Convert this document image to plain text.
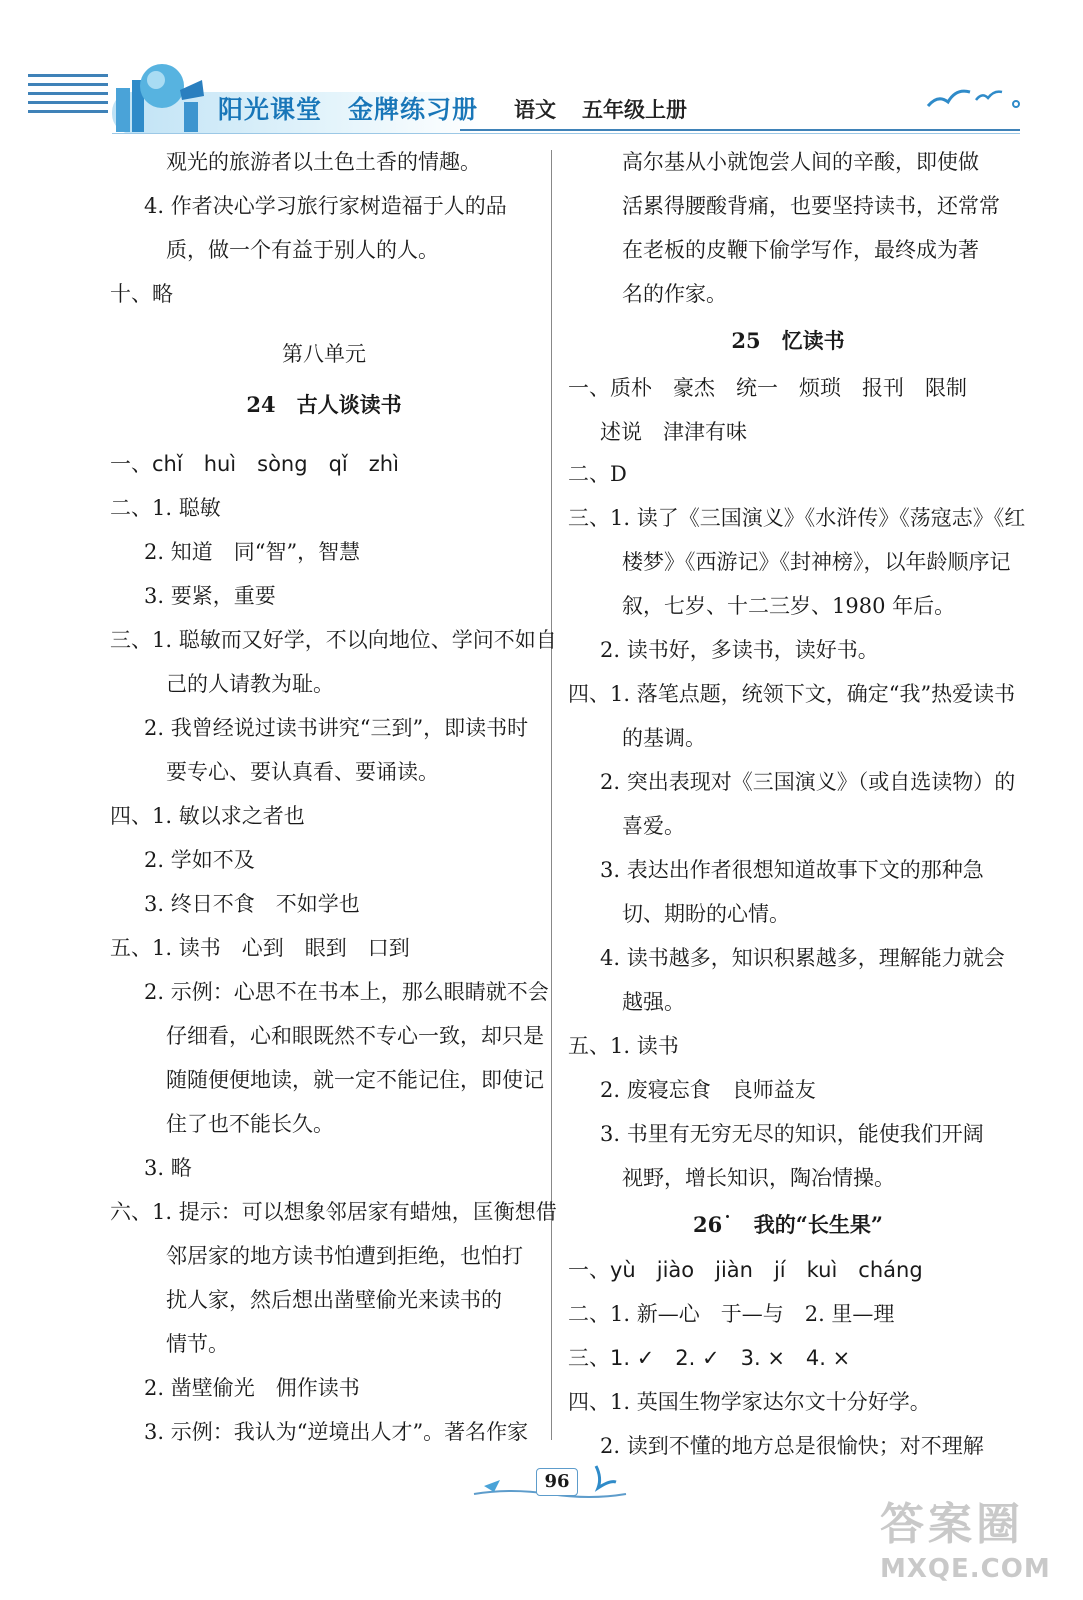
阳光课堂 金牌练习册 语文 五年级上册
观光的旅游者以土色土香的情趣。
4. 作者决心学习旅行家树造福于人的品
质，做一个有益于别人的人。
十、略
第八单元
24　古人谈读书
一、chǐ　huì　sòng　qǐ　zhì
二、1. 聪敏
2. 知道　同“智”，智慧
3. 要紧，重要
三、1. 聪敏而又好学，不以向地位、学问不如自
己的人请教为耻。
2. 我曾经说过读书讲究“三到”，即读书时
要专心、要认真看、要诵读。
四、1. 敏以求之者也
2. 学如不及
3. 终日不食　不如学也
五、1. 读书　心到　眼到　口到
2. 示例：心思不在书本上，那么眼睛就不会
仔细看，心和眼既然不专心一致，却只是
随随便便地读，就一定不能记住，即使记
住了也不能长久。
3. 略
六、1. 提示：可以想象邻居家有蜡烛，匡衡想借
邻居家的地方读书怕遭到拒绝，也怕打
扰人家，然后想出凿壁偷光来读书的
情节。
2. 凿壁偷光　佣作读书
3. 示例：我认为“逆境出人才”。著名作家
高尔基从小就饱尝人间的辛酸，即使做
活累得腰酸背痛，也要坚持读书，还常常
在老板的皮鞭下偷学写作，最终成为著
名的作家。
25　忆读书
一、质朴　豪杰　统一　烦琐　报刊　限制
述说　津津有味
二、D
三、1. 读了《三国演义》《水浒传》《荡寇志》《红
楼梦》《西游记》《封神榜》，以年龄顺序记
叙，七岁、十二三岁、1980 年后。
2. 读书好，多读书，读好书。
四、1. 落笔点题，统领下文，确定“我”热爱读书
的基调。
2. 突出表现对《三国演义》（或自选读物）的
喜爱。
3. 表达出作者很想知道故事下文的那种急
切、期盼的心情。
4. 读书越多，知识积累越多，理解能力就会
越强。
五、1. 读书
2. 废寝忘食　良师益友
3. 书里有无穷无尽的知识，能使我们开阔
视野，增长知识，陶冶情操。
26˙　我的“长生果”
一、yù　jiào　jiàn　jí　kuì　cháng
二、1. 新—心　于—与　2. 里—理
三、1. ✓　2. ✓　3. ×　4. ×
四、1. 英国生物学家达尔文十分好学。
2. 读到不懂的地方总是很愉快；对不理解
96
答案圈
MXQE.COM
